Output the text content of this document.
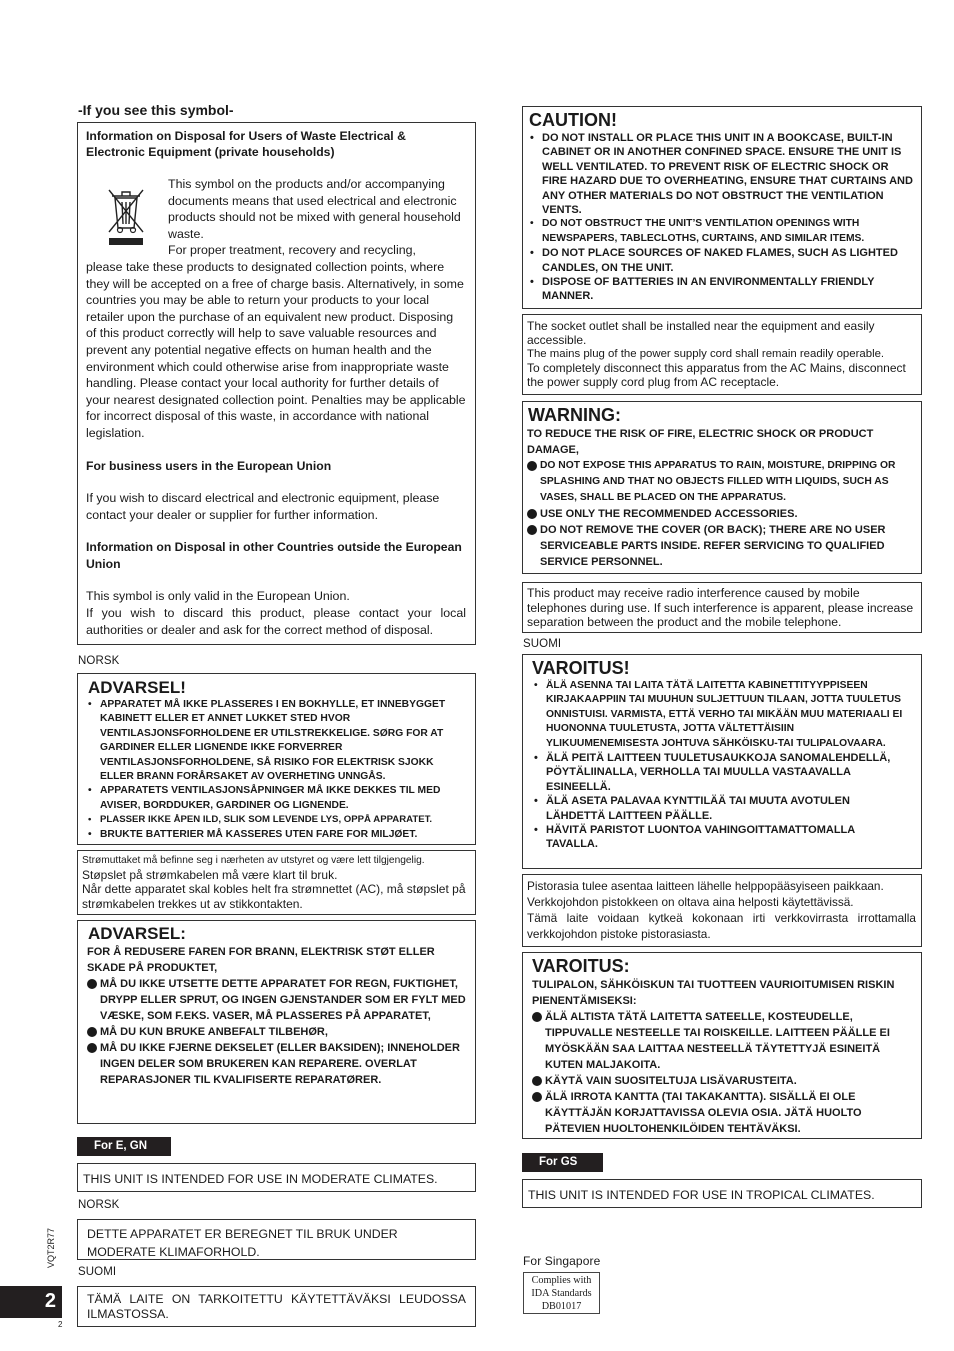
-If you see this symbol-

Information on Disposal for Users of Waste Electrical & Electronic Equipment (private households)

This symbol on the products and/or accompanying documents means that used electrical and electronic products should not be mixed with general household waste.

For proper treatment, recovery and recycling,

please take these products to designated collection points, where they will be accepted on a free of charge basis. Alternatively, in some countries you may be able to return your products to your local retailer upon the purchase of an equivalent new product. Disposing of this product correctly will help to save valuable resources and prevent any potential negative effects on human health and the environment which could otherwise arise from inappropriate waste handling. Please contact your local authority for further details of your nearest designated collection point. Penalties may be applicable for incorrect disposal of this waste, in accordance with national legislation.

For business users in the European Union

If you wish to discard electrical and electronic equipment, please contact your dealer or supplier for further information.

Information on Disposal in other Countries outside the European Union

This symbol is only valid in the European Union.

If you wish to discard this product, please contact your local authorities or dealer and ask for the correct method of disposal.

NORSK
ADVARSEL!
• APPARATET MÅ IKKE PLASSERES I EN BOKHYLLE, ET INNEBYGGET KABINETT ELLER ET ANNET LUKKET STED HVOR VENTILASJONSFORHOLDENE ER UTILSTREKKELIGE. SØRG FOR AT GARDINER ELLER LIGNENDE IKKE FORVERRER VENTILASJONSFORHOLDENE, SÅ RISIKO FOR ELEKTRISK SJOKK ELLER BRANN FORÅRSAKET AV OVERHETING UNNGÅS.
• APPARATETS VENTILASJONSÅPNINGER MÅ IKKE DEKKES TIL MED AVISER, BORDDUKER, GARDINER OG LIGNENDE.
• PLASSER IKKE ÅPEN ILD, SLIK SOM LEVENDE LYS, OPPÅ APPARATET.
• BRUKTE BATTERIER MÅ KASSERES UTEN FARE FOR MILJØET.
Strømuttaket må befinne seg i nærheten av utstyret og være lett tilgjengelig.
Støpslet på strømkabelen må være klart til bruk.
Når dette apparatet skal kobles helt fra strømnettet (AC), må støpslet på strømkabelen trekkes ut av stikkontakten.
ADVARSEL:
FOR Å REDUSERE FAREN FOR BRANN, ELEKTRISK STØT ELLER SKADE PÅ PRODUKTET,
MÅ DU IKKE UTSETTE DETTE APPARATET FOR REGN, FUKTIGHET, DRYPP ELLER SPRUT, OG INGEN GJENSTANDER SOM ER FYLT MED VÆSKE, SOM F.EKS. VASER, MÅ PLASSERES PÅ APPARATET,
MÅ DU KUN BRUKE ANBEFALT TILBEHØR,
MÅ DU IKKE FJERNE DEKSELET (ELLER BAKSIDEN); INNEHOLDER INGEN DELER SOM BRUKEREN KAN REPARERE. OVERLAT REPARASJONER TIL KVALIFISERTE REPARATØRER.
For E, GN
THIS UNIT IS INTENDED FOR USE IN MODERATE CLIMATES.
NORSK
DETTE APPARATET ER BEREGNET TIL BRUK UNDER MODERATE KLIMAFORHOLD.
SUOMI
TÄMÄ LAITE ON TARKOITETTU KÄYTETTÄVÄKSI LEUDOSSA ILMASTOSSA.
VQT2R77
2
2
CAUTION!
• DO NOT INSTALL OR PLACE THIS UNIT IN A BOOKCASE, BUILT-IN CABINET OR IN ANOTHER CONFINED SPACE. ENSURE THE UNIT IS WELL VENTILATED. TO PREVENT RISK OF ELECTRIC SHOCK OR FIRE HAZARD DUE TO OVERHEATING, ENSURE THAT CURTAINS AND ANY OTHER MATERIALS DO NOT OBSTRUCT THE VENTILATION VENTS.
• DO NOT OBSTRUCT THE UNIT’S VENTILATION OPENINGS WITH NEWSPAPERS, TABLECLOTHS, CURTAINS, AND SIMILAR ITEMS.
• DO NOT PLACE SOURCES OF NAKED FLAMES, SUCH AS LIGHTED CANDLES, ON THE UNIT.
• DISPOSE OF BATTERIES IN AN ENVIRONMENTALLY FRIENDLY MANNER.
The socket outlet shall be installed near the equipment and easily accessible.
The mains plug of the power supply cord shall remain readily operable.
To completely disconnect this apparatus from the AC Mains, disconnect the power supply cord plug from AC receptacle.
WARNING:
TO REDUCE THE RISK OF FIRE, ELECTRIC SHOCK OR PRODUCT DAMAGE,
DO NOT EXPOSE THIS APPARATUS TO RAIN, MOISTURE, DRIPPING OR SPLASHING AND THAT NO OBJECTS FILLED WITH LIQUIDS, SUCH AS VASES, SHALL BE PLACED ON THE APPARATUS.
USE ONLY THE RECOMMENDED ACCESSORIES.
DO NOT REMOVE THE COVER (OR BACK); THERE ARE NO USER SERVICEABLE PARTS INSIDE. REFER SERVICING TO QUALIFIED SERVICE PERSONNEL.
This product may receive radio interference caused by mobile telephones during use. If such interference is apparent, please increase separation between the product and the mobile telephone.
SUOMI
VAROITUS!
• ÄLÄ ASENNA TAI LAITA TÄTÄ LAITETTA KABINETTITYYPPISEEN KIRJAKAAPPIIN TAI MUUHUN SULJETTUUN TILAAN, JOTTA TUULETUS ONNISTUISI. VARMISTA, ETTÄ VERHO TAI MIKÄÄN MUU MATERIAALI EI HUONONNA TUULETUSTA, JOTTA VÄLTETTÄISIIN YLIKUUMENEMISESTA JOHTUVA SÄHKÖISKU-TAI TULIPALOVAARA.
• ÄLÄ PEITÄ LAITTEEN TUULETUSAUKKOJA SANOMALEHDELLÄ, PÖYTÄLIINALLA, VERHOLLA TAI MUULLA VASTAAVALLA ESINEELLÄ.
• ÄLÄ ASETA PALAVAA KYNTTILÄÄ TAI MUUTA AVOTULEN LÄHDETTÄ LAITTEEN PÄÄLLE.
• HÄVITÄ PARISTOT LUONTOA VAHINGOITTAMATTOMALLA TAVALLA.
Pistorasia tulee asentaa laitteen lähelle helppopääsyiseen paikkaan.
Verkkojohdon pistokkeen on oltava aina helposti käytettävissä.
Tämä laite voidaan kytkeä kokonaan irti verkkovirrasta irrottamalla verkkojohdon pistoke pistorasiasta.
VAROITUS:
TULIPALON, SÄHKÖISKUN TAI TUOTTEEN VAURIOITUMISEN RISKIN PIENENTÄMISEKSI:
ÄLÄ ALTISTA TÄTÄ LAITETTA SATEELLE, KOSTEUDELLE, TIPPUVALLE NESTEELLE TAI ROISKEILLE. LAITTEEN PÄÄLLE EI MYÖSKÄÄN SAA LAITTAA NESTEELLÄ TÄYTETTYJÄ ESINEITÄ KUTEN MALJAKOITA.
KÄYTÄ VAIN SUOSITELTUJA LISÄVARUSTEITA.
ÄLÄ IRROTA KANTTA (TAI TAKAKANTTA). SISÄLLÄ EI OLE KÄYTTÄJÄN KORJATTAVISSA OLEVIA OSIA. JÄTÄ HUOLTO PÄTEVIEN HUOLTOHENKILÖIDEN TEHTÄVÄKSI.
For GS
THIS UNIT IS INTENDED FOR USE IN TROPICAL CLIMATES.
For Singapore
Complies with
IDA Standards
DB01017
